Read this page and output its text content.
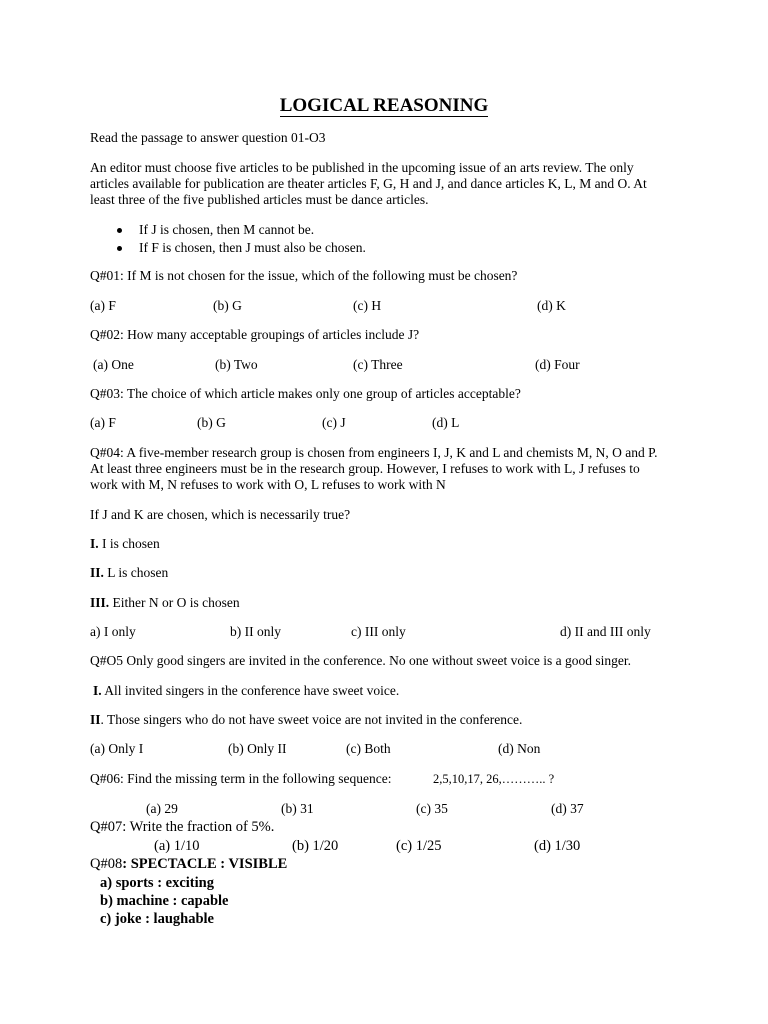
LOGICAL REASONING
Read the passage to answer question 01-O3
An editor must choose five articles to be published in the upcoming issue of an arts review. The only
articles available for publication are theater articles F, G, H and J, and dance articles K, L, M and O. At
least three of the five published articles must be dance articles.
If J is chosen, then M cannot be.
If F is chosen, then J must also be chosen.
Q#01: If M is not chosen for the issue, which of the following must be chosen?
(a) F	(b) G	(c) H	(d) K
Q#02: How many acceptable groupings of articles include J?
(a) One	(b) Two	(c) Three	(d) Four
Q#03: The choice of which article makes only one group of articles acceptable?
(a) F	(b) G	(c) J	(d) L
Q#04: A five-member research group is chosen from engineers I, J, K and L and chemists M, N, O and P.
At least three engineers must be in the research group. However, I refuses to work with L, J refuses to
work with M, N refuses to work with O, L refuses to work with N
If J and K are chosen, which is necessarily true?
I. I is chosen
II. L is chosen
III. Either N or O is chosen
a) I only	b) II only	c) III only	d) II and III only
Q#O5 Only good singers are invited in the conference. No one without sweet voice is a good singer.
I. All invited singers in the conference have sweet voice.
II. Those singers who do not have sweet voice are not invited in the conference.
(a) Only I	(b) Only II	(c) Both	(d) Non
Q#06: Find the missing term in the following sequence:	2,5,10,17, 26,……….. ?
(a) 29	(b) 31	(c) 35	(d) 37
Q#07: Write the fraction of 5%.
(a) 1/10	(b) 1/20	(c) 1/25	(d) 1/30
Q#08: SPECTACLE : VISIBLE
a) sports : exciting
b) machine : capable
c) joke : laughable
